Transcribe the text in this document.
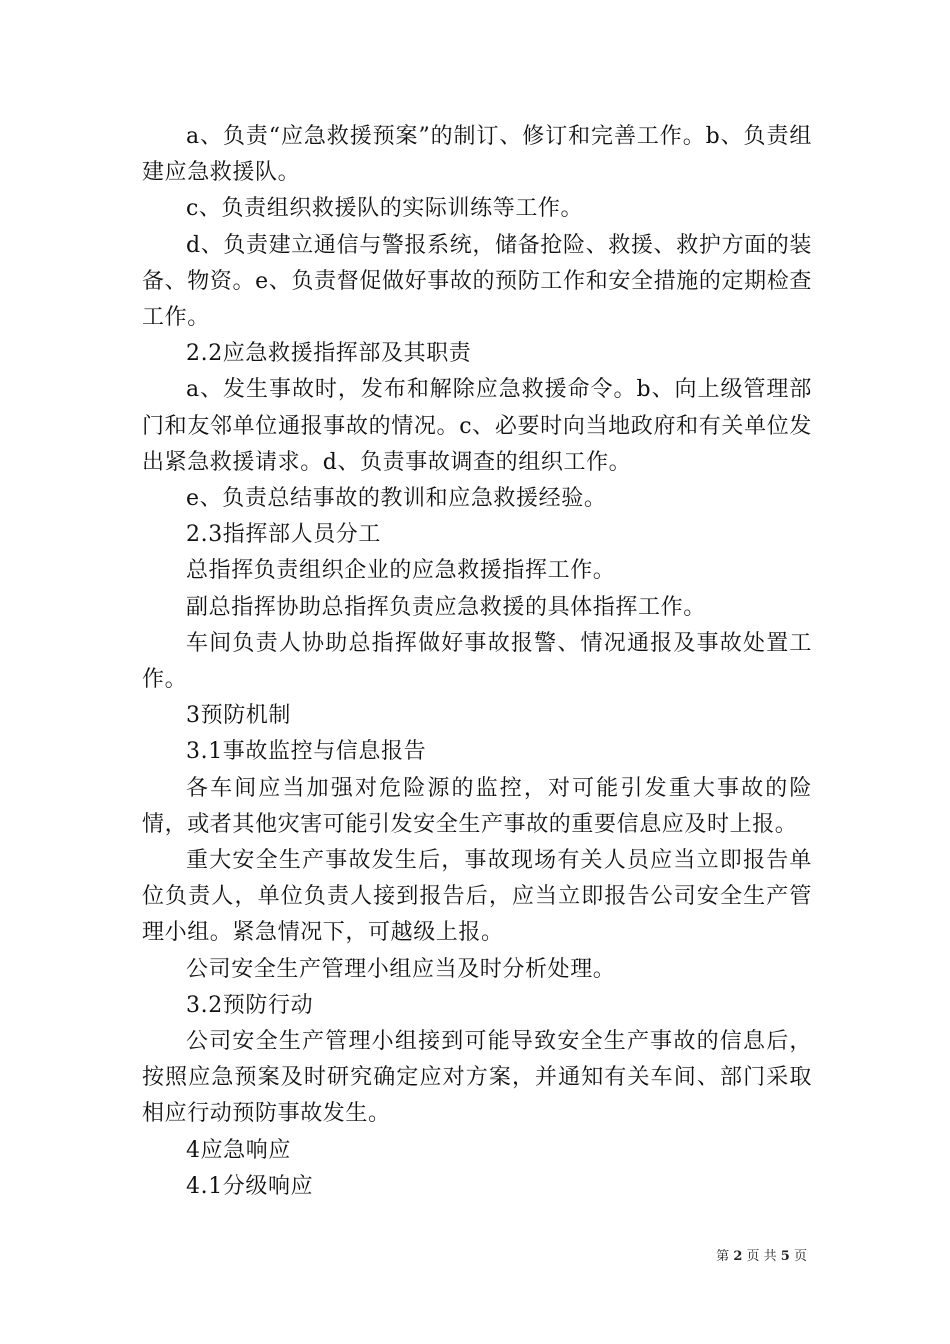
a、负责“应急救援预案”的制订、修订和完善工作。b、负责组建应急救援队。

c、负责组织救援队的实际训练等工作。

d、负责建立通信与警报系统，储备抢险、救援、救护方面的装备、物资。e、负责督促做好事故的预防工作和安全措施的定期检查工作。

2.2应急救援指挥部及其职责

a、发生事故时，发布和解除应急救援命令。b、向上级管理部门和友邻单位通报事故的情况。c、必要时向当地政府和有关单位发出紧急救援请求。d、负责事故调查的组织工作。

e、负责总结事故的教训和应急救援经验。

2.3指挥部人员分工

总指挥负责组织企业的应急救援指挥工作。

副总指挥协助总指挥负责应急救援的具体指挥工作。

车间负责人协助总指挥做好事故报警、情况通报及事故处置工作。

3预防机制

3.1事故监控与信息报告

各车间应当加强对危险源的监控，对可能引发重大事故的险情，或者其他灾害可能引发安全生产事故的重要信息应及时上报。

重大安全生产事故发生后，事故现场有关人员应当立即报告单位负责人，单位负责人接到报告后，应当立即报告公司安全生产管理小组。紧急情况下，可越级上报。

公司安全生产管理小组应当及时分析处理。

3.2预防行动

公司安全生产管理小组接到可能导致安全生产事故的信息后，按照应急预案及时研究确定应对方案，并通知有关车间、部门采取相应行动预防事故发生。

4应急响应

4.1分级响应

第 2 页 共 5 页
